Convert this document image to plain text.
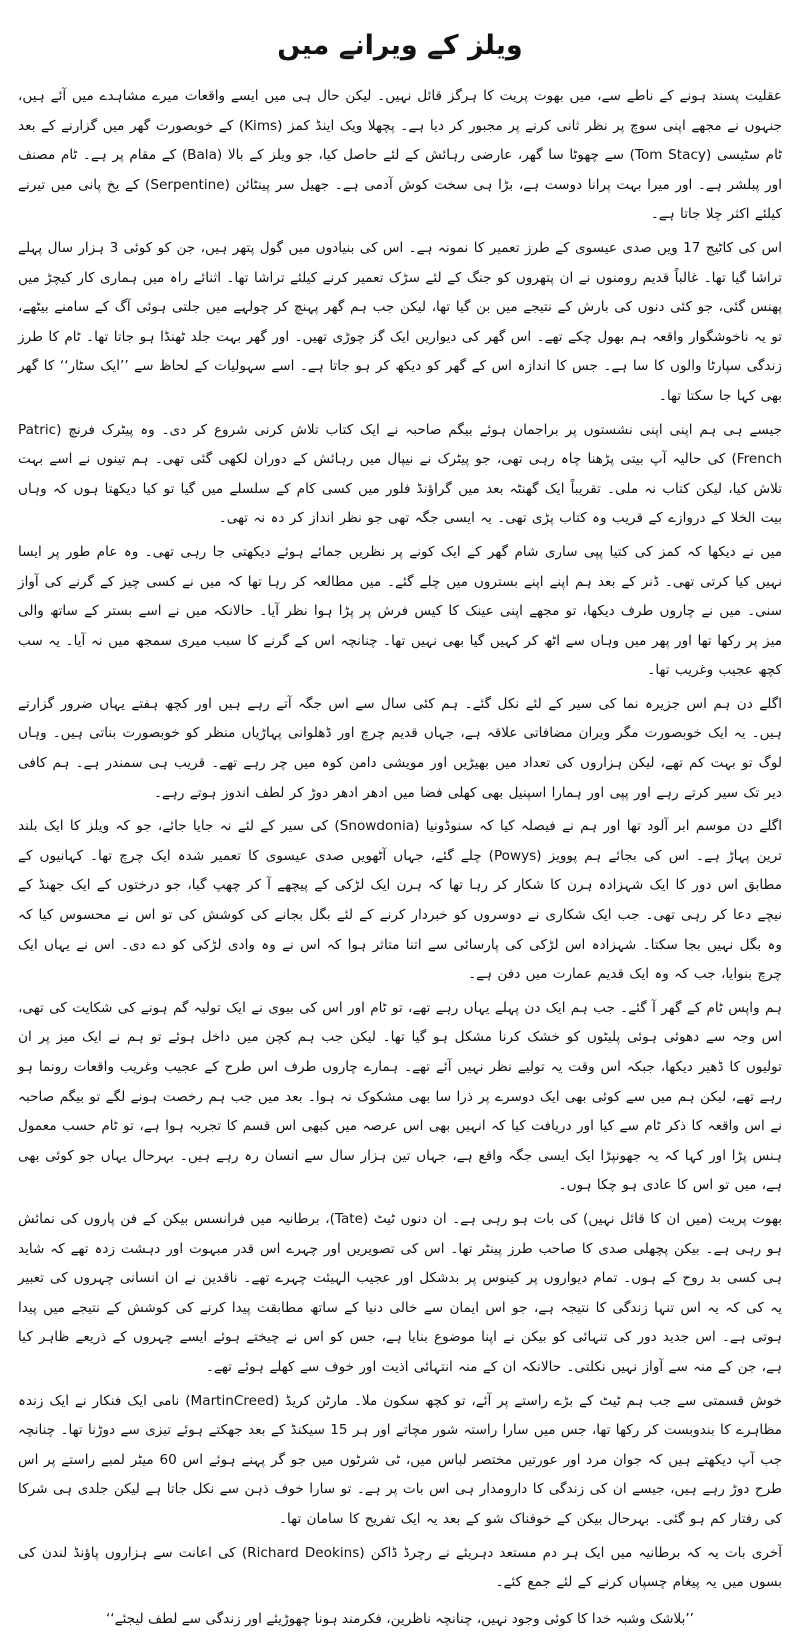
ویلز کے ویرانے میں

عقلیت پسند ہونے کے ناطے سے، میں بھوت پریت کا ہرگز قائل نہیں۔ لیکن حال ہی میں ایسے واقعات میرے مشاہدے میں آئے ہیں، جنہوں نے مجھے اپنی سوچ پر نظر ثانی کرنے پر مجبور کر دیا ہے۔ پچھلا ویک اینڈ کمز (Kims) کے خوبصورت گھر میں گزارنے کے بعد ٹام سٹیسی (Tom Stacy) سے چھوٹا سا گھر، عارضی رہائش کے لئے حاصل کیا، جو ویلز کے بالا (Bala) کے مقام پر ہے۔ ٹام مصنف اور پبلشر ہے۔ اور میرا بہت پرانا دوست ہے، بڑا ہی سخت کوش آدمی ہے۔ جھیل سر پینٹائن (Serpentine) کے یخ پانی میں تیرنے کیلئے اکثر چلا جاتا ہے۔

اس کی کاٹیج 17 ویں صدی عیسوی کے طرز تعمیر کا نمونہ ہے۔ اس کی بنیادوں میں گول پتھر ہیں، جن کو کوئی 3 ہزار سال پہلے تراشا گیا تھا۔ غالباً قدیم رومنوں نے ان پتھروں کو جنگ کے لئے سڑک تعمیر کرنے کیلئے تراشا تھا۔ اثنائے راہ میں ہماری کار کیچڑ میں پھنس گئی، جو کئی دنوں کی بارش کے نتیجے میں بن گیا تھا، لیکن جب ہم گھر پہنچ کر چولہے میں جلتی ہوئی آگ کے سامنے بیٹھے، تو یہ ناخوشگوار واقعہ ہم بھول چکے تھے۔ اس گھر کی دیواریں ایک گز چوڑی تھیں۔ اور گھر بہت جلد ٹھنڈا ہو جاتا تھا۔ ٹام کا طرز زندگی سپارٹا والوں کا سا ہے۔ جس کا اندازہ اس کے گھر کو دیکھ کر ہو جاتا ہے۔ اسے سہولیات کے لحاظ سے ’’ایک سٹار‘‘ کا گھر بھی کہا جا سکتا تھا۔

جیسے ہی ہم اپنی اپنی نشستوں پر براجمان ہوئے بیگم صاحبہ نے ایک کتاب تلاش کرنی شروع کر دی۔ وہ پیٹرک فرنچ (Patric French) کی حالیہ آپ بیتی پڑھنا چاہ رہی تھی، جو پیٹرک نے نیپال میں رہائش کے دوران لکھی گئی تھی۔ ہم تینوں نے اسے بہت تلاش کیا، لیکن کتاب نہ ملی۔ تقریباً ایک گھنٹہ بعد میں گراؤنڈ فلور میں کسی کام کے سلسلے میں گیا تو کیا دیکھتا ہوں کہ وہاں بیت الخلا کے دروازے کے قریب وہ کتاب پڑی تھی۔ یہ ایسی جگہ تھی جو نظر انداز کر دہ نہ تھی۔

میں نے دیکھا کہ کمز کی کتیا پپی ساری شام گھر کے ایک کونے پر نظریں جمائے ہوئے دیکھتی جا رہی تھی۔ وہ عام طور پر ایسا نہیں کیا کرتی تھی۔ ڈنر کے بعد ہم اپنے اپنے بستروں میں چلے گئے۔ میں مطالعہ کر رہا تھا کہ میں نے کسی چیز کے گرنے کی آواز سنی۔ میں نے چاروں طرف دیکھا، تو مجھے اپنی عینک کا کیس فرش پر پڑا ہوا نظر آیا۔ حالانکہ میں نے اسے بستر کے ساتھ والی میز پر رکھا تھا اور پھر میں وہاں سے اٹھ کر کہیں گیا بھی نہیں تھا۔ چنانچہ اس کے گرنے کا سبب میری سمجھ میں نہ آیا۔ یہ سب کچھ عجیب وغریب تھا۔

اگلے دن ہم اس جزیرہ نما کی سیر کے لئے نکل گئے۔ ہم کئی سال سے اس جگہ آتے رہے ہیں اور کچھ ہفتے یہاں ضرور گزارتے ہیں۔ یہ ایک خوبصورت مگر ویران مضافاتی علاقہ ہے، جہاں قدیم چرچ اور ڈھلوانی پہاڑیاں منظر کو خوبصورت بناتی ہیں۔ وہاں لوگ تو بہت کم تھے، لیکن ہزاروں کی تعداد میں بھیڑیں اور مویشی دامن کوہ میں چر رہے تھے۔ قریب ہی سمندر ہے۔ ہم کافی دیر تک سیر کرتے رہے اور پپی اور ہمارا اسپنیل بھی کھلی فضا میں ادھر ادھر دوڑ کر لطف اندوز ہوتے رہے۔

اگلے دن موسم ابر آلود تھا اور ہم نے فیصلہ کیا کہ سنوڈونیا (Snowdonia) کی سیر کے لئے نہ جایا جائے، جو کہ ویلز کا ایک بلند ترین پہاڑ ہے۔ اس کی بجائے ہم پوویز (Powys) چلے گئے، جہاں آٹھویں صدی عیسوی کا تعمیر شدہ ایک چرچ تھا۔ کہانیوں کے مطابق اس دور کا ایک شہزادہ ہرن کا شکار کر رہا تھا کہ ہرن ایک لڑکی کے پیچھے آ کر چھپ گیا، جو درختوں کے ایک جھنڈ کے نیچے دعا کر رہی تھی۔ جب ایک شکاری نے دوسروں کو خبردار کرنے کے لئے بگل بجانے کی کوشش کی تو اس نے محسوس کیا کہ وہ بگل نہیں بجا سکتا۔ شہزادہ اس لڑکی کی پارسائی سے اتنا متاثر ہوا کہ اس نے وہ وادی لڑکی کو دے دی۔ اس نے یہاں ایک چرچ بنوایا، جب کہ وہ ایک قدیم عمارت میں دفن ہے۔

ہم واپس ٹام کے گھر آ گئے۔ جب ہم ایک دن پہلے یہاں رہے تھے، تو ٹام اور اس کی بیوی نے ایک تولیہ گم ہونے کی شکایت کی تھی، اس وجہ سے دھوئی ہوئی پلیٹوں کو خشک کرنا مشکل ہو گیا تھا۔ لیکن جب ہم کچن میں داخل ہوئے تو ہم نے ایک میز پر ان تولیوں کا ڈھیر دیکھا، جبکہ اس وقت یہ تولیے نظر نہیں آئے تھے۔ ہمارے چاروں طرف اس طرح کے عجیب وغریب واقعات رونما ہو رہے تھے، لیکن ہم میں سے کوئی بھی ایک دوسرے پر ذرا سا بھی مشکوک نہ ہوا۔ بعد میں جب ہم رخصت ہونے لگے تو بیگم صاحبہ نے اس واقعہ کا ذکر ٹام سے کیا اور دریافت کیا کہ انہیں بھی اس عرصہ میں کبھی اس قسم کا تجربہ ہوا ہے، تو ٹام حسب معمول ہنس پڑا اور کہا کہ یہ جھونپڑا ایک ایسی جگہ واقع ہے، جہاں تین ہزار سال سے انسان رہ رہے ہیں۔ بہرحال یہاں جو کوئی بھی ہے، میں تو اس کا عادی ہو چکا ہوں۔

بھوت پریت (میں ان کا قائل نہیں) کی بات ہو رہی ہے۔ ان دنوں ٹیٹ (Tate)، برطانیہ میں فرانسس بیکن کے فن پاروں کی نمائش ہو رہی ہے۔ بیکن پچھلی صدی کا صاحب طرز پینٹر تھا۔ اس کی تصویریں اور چہرے اس قدر مبہوت اور دہشت زدہ تھے کہ شاید ہی کسی بد روح کے ہوں۔ تمام دیواروں پر کینوس پر بدشکل اور عجیب الہیئت چہرے تھے۔ ناقدین نے ان انسانی چہروں کی تعبیر یہ کی کہ یہ اس تنہا زندگی کا نتیجہ ہے، جو اس ایمان سے خالی دنیا کے ساتھ مطابقت پیدا کرنے کی کوشش کے نتیجے میں پیدا ہوتی ہے۔ اس جدید دور کی تنہائی کو بیکن نے اپنا موضوع بنایا ہے، جس کو اس نے چیختے ہوئے ایسے چہروں کے ذریعے ظاہر کیا ہے، جن کے منہ سے آواز نہیں نکلتی۔ حالانکہ ان کے منہ انتہائی اذیت اور خوف سے کھلے ہوئے تھے۔

خوش قسمتی سے جب ہم ٹیٹ کے بڑے راستے پر آئے، تو کچھ سکون ملا۔ مارٹن کریڈ (MartinCreed) نامی ایک فنکار نے ایک زندہ مظاہرے کا بندوبست کر رکھا تھا، جس میں سارا راستہ شور مچاتے اور ہر 15 سیکنڈ کے بعد جھکتے ہوئے تیزی سے دوڑنا تھا۔ چنانچہ جب آپ دیکھتے ہیں کہ جوان مرد اور عورتیں مختصر لباس میں، ٹی شرٹوں میں جو گر پہنے ہوئے اس 60 میٹر لمبے راستے پر اس طرح دوڑ رہے ہیں، جیسے ان کی زندگی کا دارومدار ہی اس بات پر ہے۔ تو سارا خوف ذہن سے نکل جاتا ہے لیکن جلدی ہی شرکا کی رفتار کم ہو گئی۔ بہرحال بیکن کے خوفناک شو کے بعد یہ ایک تفریح کا سامان تھا۔

آخری بات یہ کہ برطانیہ میں ایک ہر دم مستعد دہریئے نے رچرڈ ڈاکن (Richard Deokins) کی اعانت سے ہزاروں پاؤنڈ لندن کی بسوں میں یہ پیغام چسپاں کرنے کے لئے جمع کئے۔

’’بلاشک وشبہ خدا کا کوئی وجود نہیں، چنانچہ ناظرین، فکرمند ہونا چھوڑیئے اور زندگی سے لطف لیجئے‘‘
